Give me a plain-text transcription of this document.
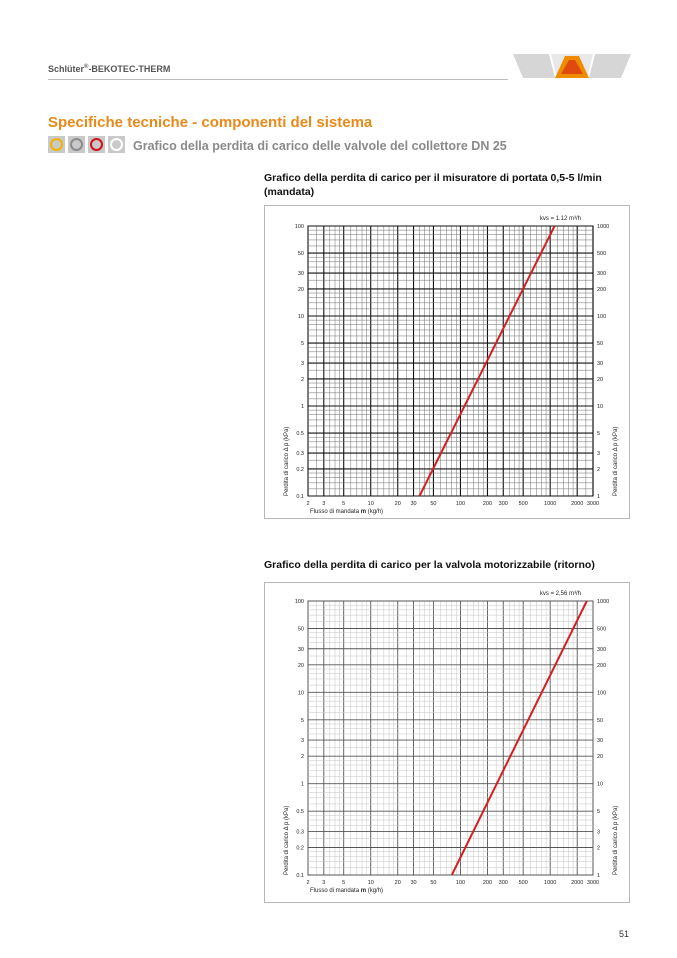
Schlüter®-BEKOTEC-THERM
Specifiche tecniche - componenti del sistema
Grafico della perdita di carico delle valvole del collettore DN 25
Grafico della perdita di carico per il misuratore di portata 0,5-5 l/min (mandata)
100
50
30
20
10
5
3
2
1
0.5
0.3
0.2
0.1
1000
500
300
200
100
50
30
20
10
5
3
2
1
2 3	5	10	20 30	50	100	200 300 500	1000	2000 3000
Flusso di mandata m (kg/h)
Perdita di carico Δ p (kPa)	Perdita di carico Δ p (kPa)
kvs = 1.12 m³/h
Grafico della perdita di carico per la valvola motorizzabile (ritorno)
100
50
30
20
10
5
3
2
1
0.5
0.3
0.2
0.1
1000
500
300
200
100
50
30
20
10
5
3
2
1
2 3	5	10	20 30	50	100	200 300 500	1000	2000 3000
Flusso di mandata m (kg/h)
Perdita di carico Δ p (kPa)	Perdita di carico Δ p (kPa)
kvs = 2,56 m³/h
51
